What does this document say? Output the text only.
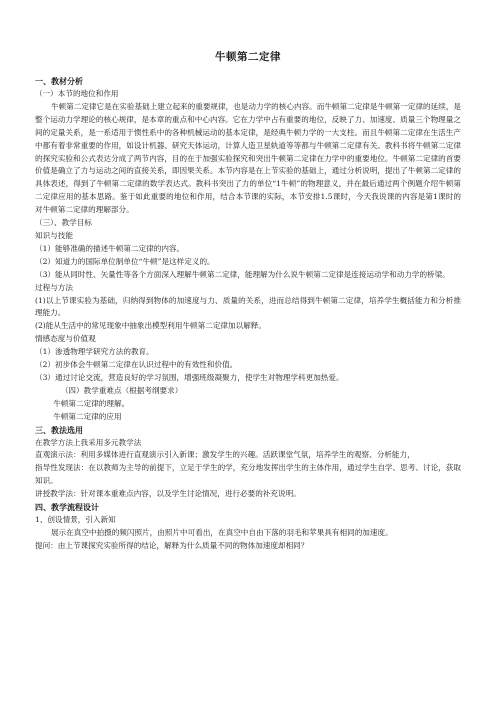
牛顿第二定律
一、教材分析
（一）本节的地位和作用
牛顿第二定律它是在实验基础上建立起来的重要规律，也是动力学的核心内容。而牛顿第二定律是牛顿第一定律的延续，是整个运动力学理论的核心规律，是本章的重点和中心内容。它在力学中占有重要的地位，反映了力、加速度、质量三个物理量之间的定量关系，是一系适用于惯性系中的各种机械运动的基本定律，是经典牛顿力学的一大支柱。而且牛顿第二定律在生活生产中都有着非常重要的作用，如设计机器、研究天体运动，计算人造卫星轨道等等都与牛顿第二定律有关。教科书将牛顿第二定律的探究实验和公式表达分成了两节内容，目的在于加强实验探究和突出牛顿第二定律在力学中的重要地位。牛顿第二定律的首要价值是确立了力与运动之间的直接关系，即因果关系。本节内容是在上节实验的基础上，通过分析说明，提出了牛顿第二定律的具体表述，得到了牛顿第二定律的数学表达式。教科书突出了力的单位“1牛顿”的物理意义，并在最后通过两个例题介绍牛顿第二定律应用的基本思路。鉴于如此重要的地位和作用，结合本节课的实际，本节安排1.5课时，今天我说课的内容是第1课时的对牛顿第二定律的理解部分。
（三）、教学目标
知识与技能
（1）能够准确的描述牛顿第二定律的内容。
（2）知道力的国际单位制单位“牛顿”是这样定义的。
（3）能从同时性、矢量性等各个方面深入理解牛顿第二定律，能理解为什么说牛顿第二定律是连接运动学和动力学的桥梁。
过程与方法
(1)以上节课实验为基础，归纳得到物体的加速度与力、质量的关系，进而总结得到牛顿第二定律，培养学生概括能力和分析推理能力。
(2)能从生活中的常见现象中抽象出模型利用牛顿第二定律加以解释。
情感态度与价值观
（1）渗透物理学研究方法的教育。
（2）初步体会牛顿第二定律在认识过程中的有效性和价值。
（3）通过讨论交流，营造良好的学习氛围，增强班级凝聚力，使学生对物理学科更加热爱。
（四）教学重难点（根据考纲要求）
牛顿第二定律的理解。
牛顿第二定律的应用
三、教法选用
在教学方法上我采用多元教学法
直观演示法：利用多媒体进行直观演示引入新课；激发学生的兴趣。活跃课堂气氛，培养学生的观察、分析能力，
指导性发现法：在以教师为主导的前提下，立足于学生的学，充分地发挥出学生的主体作用，通过学生自学、思考、讨论，获取知识。
讲授教学法：针对课本重难点内容，以及学生讨论情况，进行必要的补充说明。
四、教学流程设计
1、创设情景，引入新知
展示在真空中拍摄的频闪照片，由照片中可看出，在真空中自由下落的羽毛和苹果具有相同的加速度。
提问：由上节课探究实验所得的结论，解释为什么质量不同的物体加速度却相同？
